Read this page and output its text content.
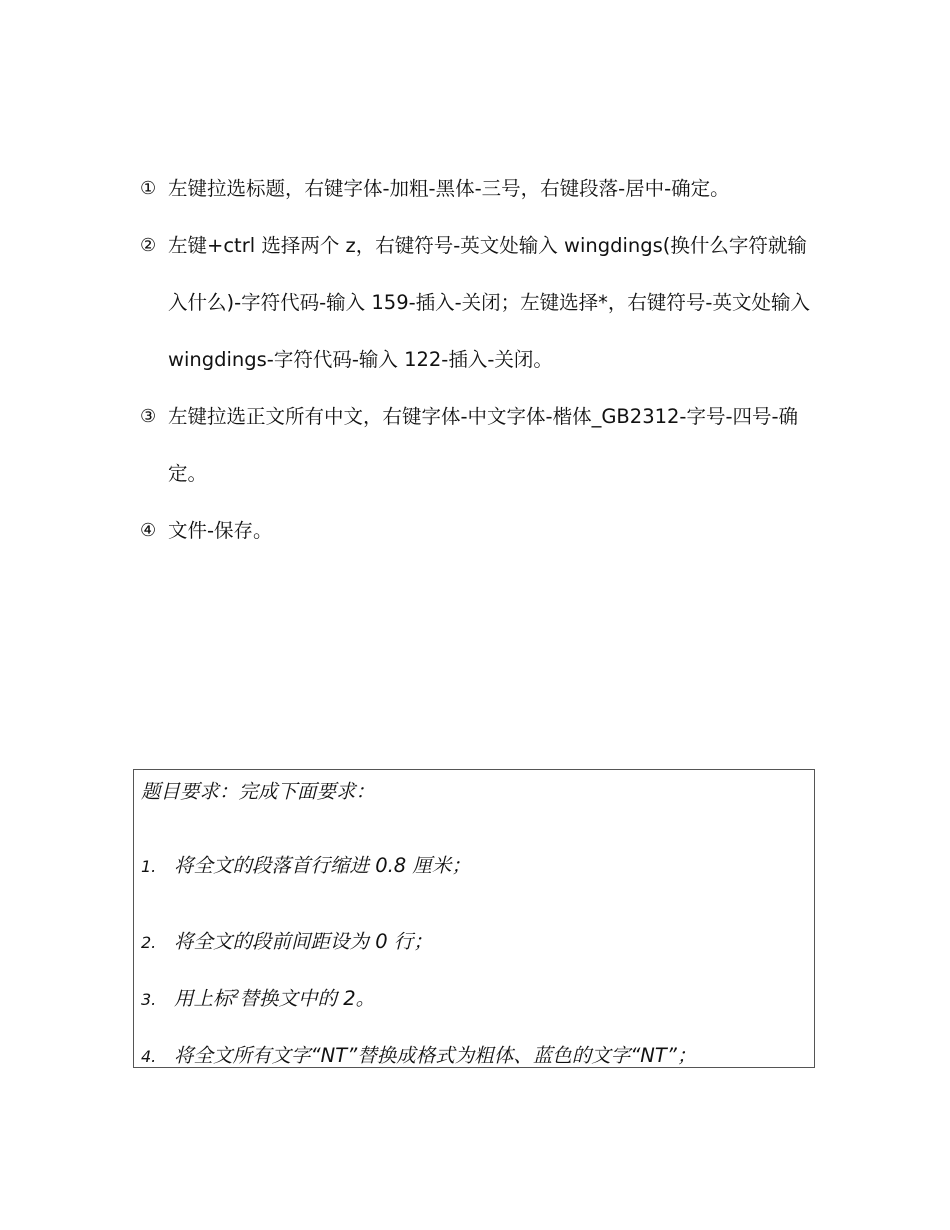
① 左键拉选标题，右键字体-加粗-黑体-三号，右键段落-居中-确定。
② 左键+ctrl 选择两个 z，右键符号-英文处输入 wingdings(换什么字符就输入什么)-字符代码-输入 159-插入-关闭；左键选择*，右键符号-英文处输入 wingdings-字符代码-输入 122-插入-关闭。
③ 左键拉选正文所有中文，右键字体-中文字体-楷体_GB2312-字号-四号-确定。
④ 文件-保存。
题目要求：完成下面要求：
1. 将全文的段落首行缩进 0.8 厘米；
2. 将全文的段前间距设为 0 行；
3. 用上标$^2$替换文中的 2。
4. 将全文所有文字“NT”替换成格式为粗体、蓝色的文字“NT”；
